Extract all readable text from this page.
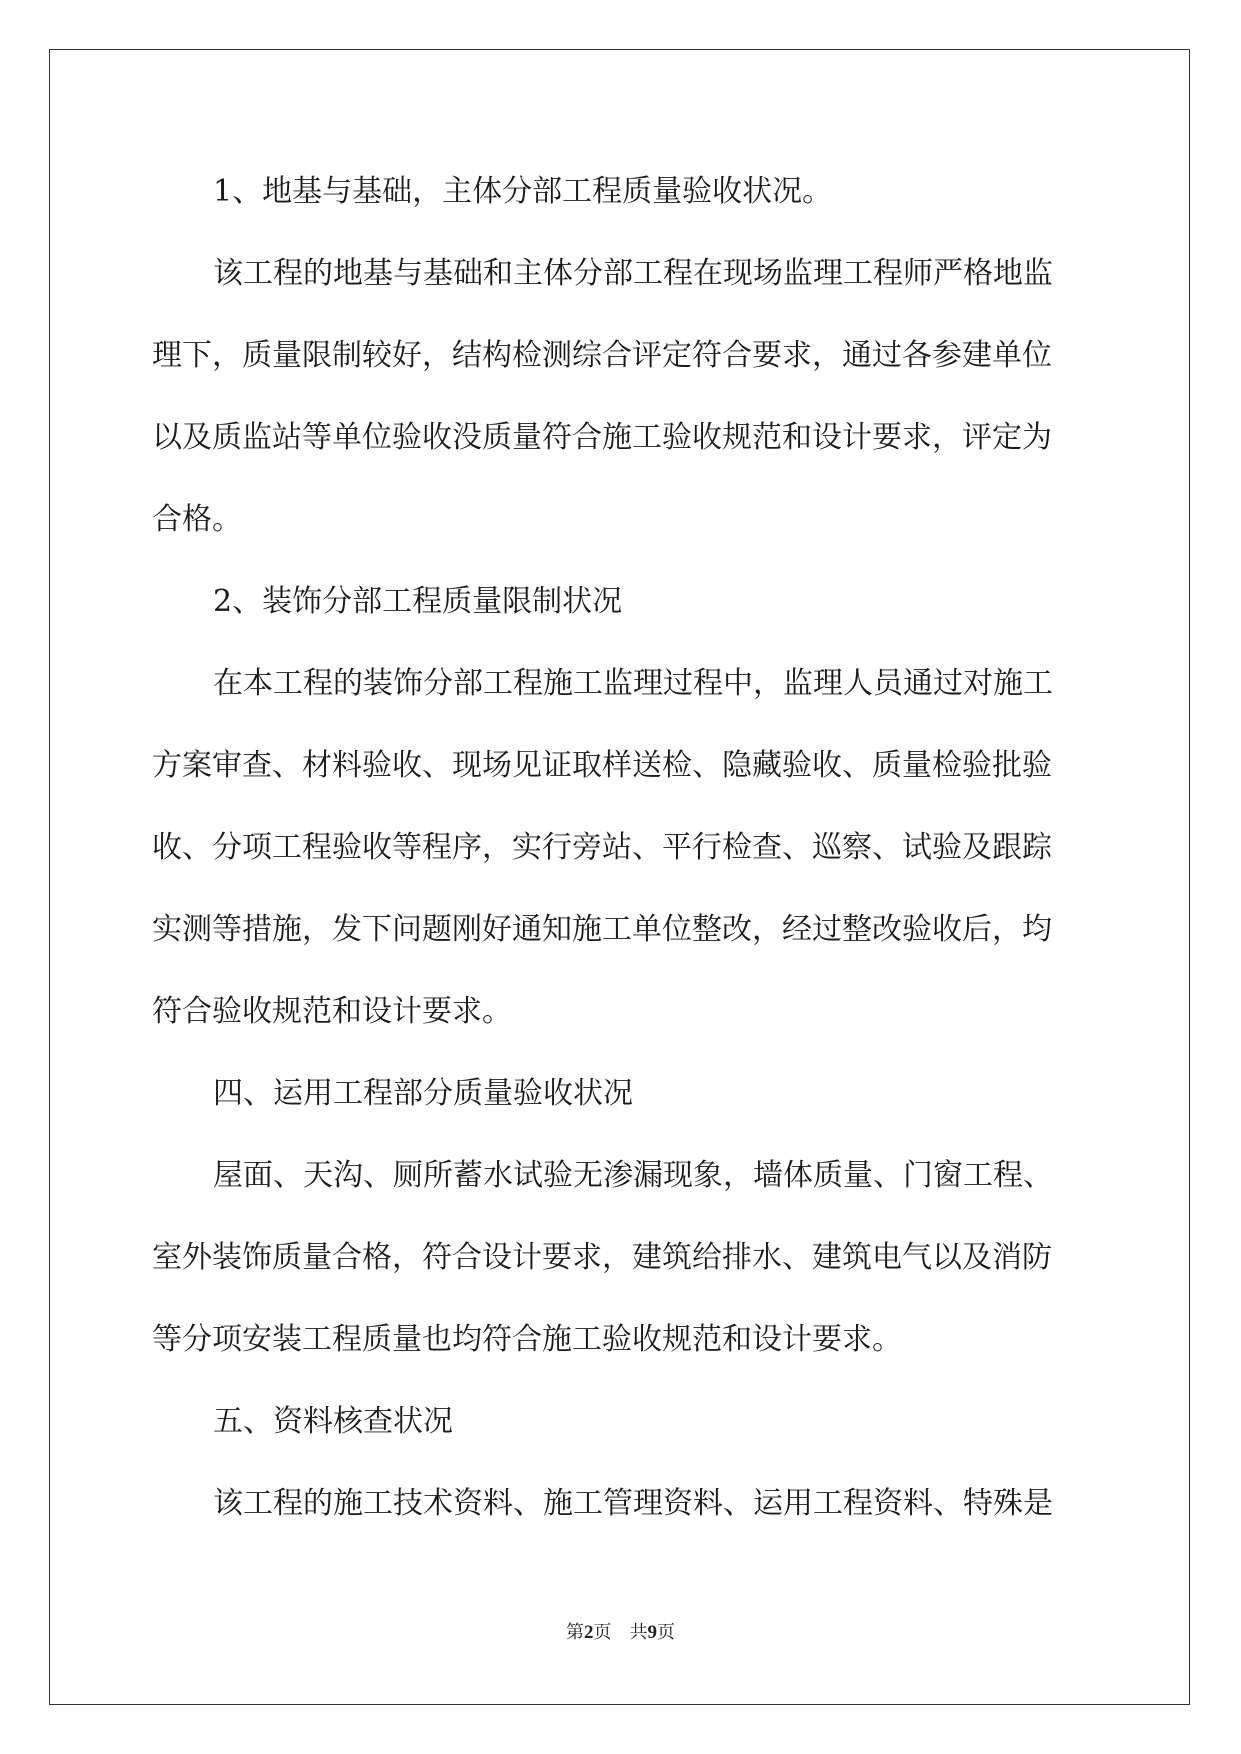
1、地基与基础，主体分部工程质量验收状况。
该工程的地基与基础和主体分部工程在现场监理工程师严格地监
理下，质量限制较好，结构检测综合评定符合要求，通过各参建单位
以及质监站等单位验收没质量符合施工验收规范和设计要求，评定为
合格。
2、装饰分部工程质量限制状况
在本工程的装饰分部工程施工监理过程中，监理人员通过对施工
方案审查、材料验收、现场见证取样送检、隐藏验收、质量检验批验
收、分项工程验收等程序，实行旁站、平行检查、巡察、试验及跟踪
实测等措施，发下问题刚好通知施工单位整改，经过整改验收后，均
符合验收规范和设计要求。
四、运用工程部分质量验收状况
屋面、天沟、厕所蓄水试验无渗漏现象，墙体质量、门窗工程、
室外装饰质量合格，符合设计要求，建筑给排水、建筑电气以及消防
等分项安装工程质量也均符合施工验收规范和设计要求。
五、资料核查状况
该工程的施工技术资料、施工管理资料、运用工程资料、特殊是
第2页 共9页
